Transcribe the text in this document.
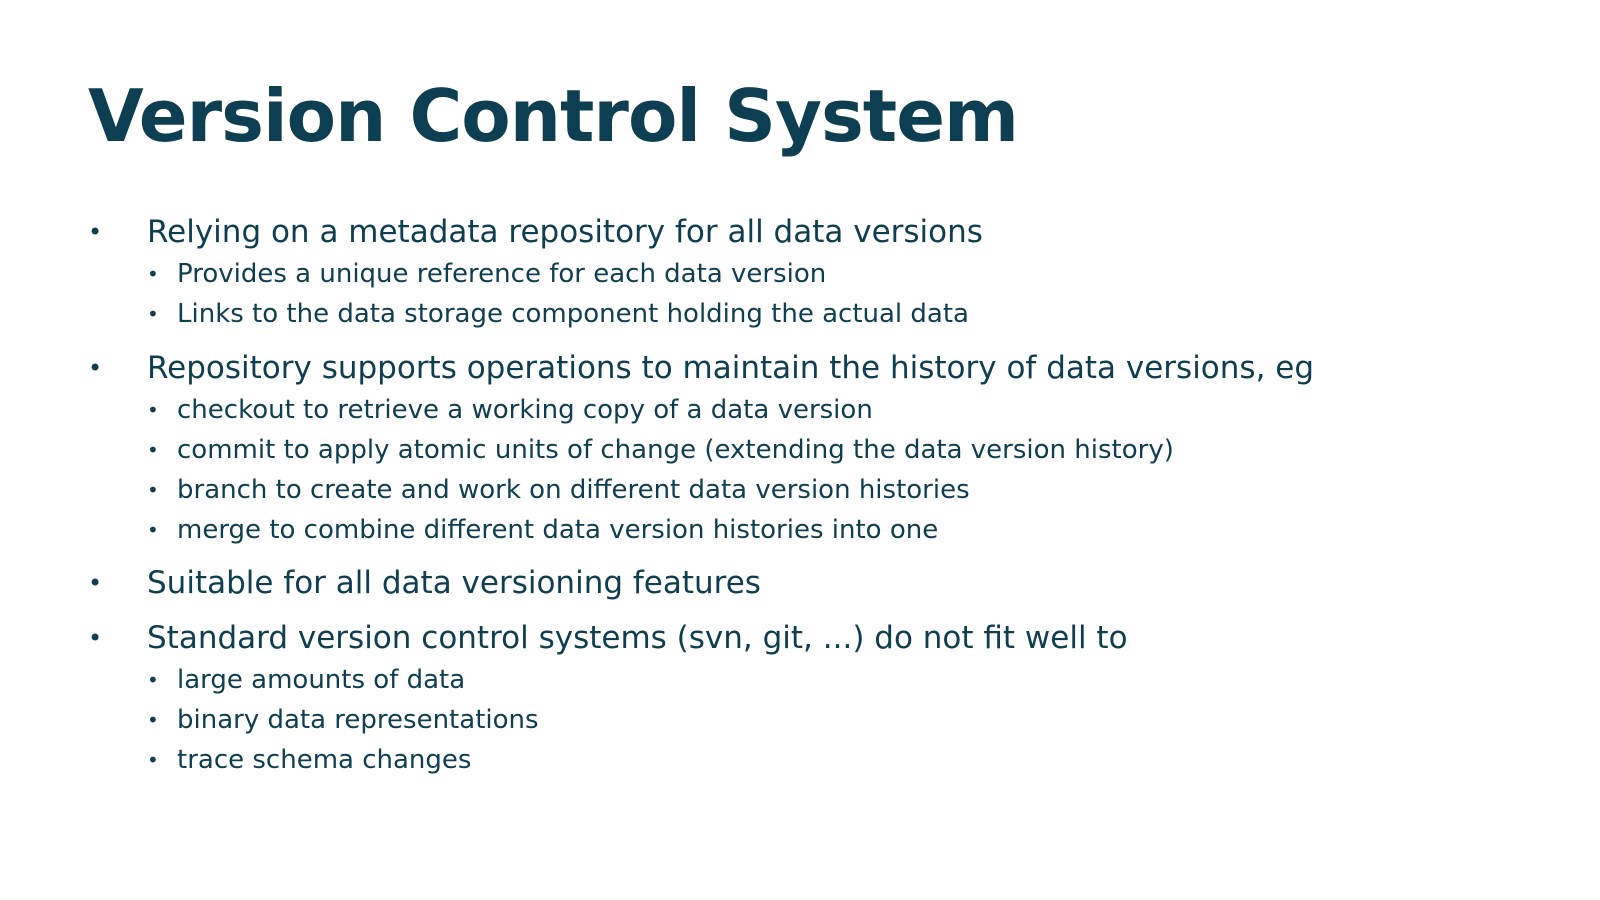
Version Control System
• Relying on a metadata repository for all data versions
• Provides a unique reference for each data version
• Links to the data storage component holding the actual data
• Repository supports operations to maintain the history of data versions, eg
• checkout to retrieve a working copy of a data version
• commit to apply atomic units of change (extending the data version history)
• branch to create and work on different data version histories
• merge to combine different data version histories into one
• Suitable for all data versioning features
• Standard version control systems (svn, git, ...) do not fit well to
• large amounts of data
• binary data representations
• trace schema changes
